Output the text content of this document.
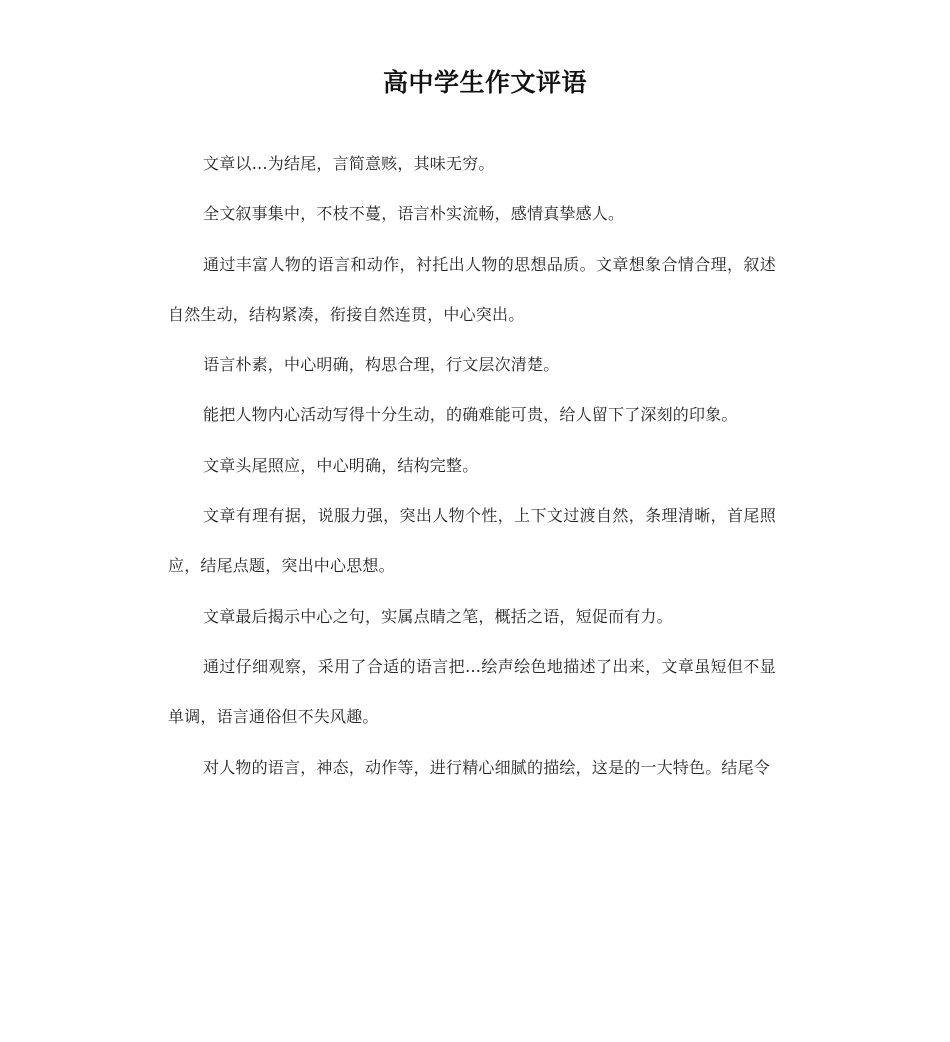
高中学生作文评语

文章以…为结尾，言简意赅，其味无穷。

全文叙事集中，不枝不蔓，语言朴实流畅，感情真挚感人。

通过丰富人物的语言和动作，衬托出人物的思想品质。文章想象合情合理，叙述自然生动，结构紧凑，衔接自然连贯，中心突出。

语言朴素，中心明确，构思合理，行文层次清楚。

能把人物内心活动写得十分生动，的确难能可贵，给人留下了深刻的印象。

文章头尾照应，中心明确，结构完整。

文章有理有据，说服力强，突出人物个性，上下文过渡自然，条理清晰，首尾照应，结尾点题，突出中心思想。

文章最后揭示中心之句，实属点睛之笔，概括之语，短促而有力。

通过仔细观察，采用了合适的语言把…绘声绘色地描述了出来，文章虽短但不显单调，语言通俗但不失风趣。

对人物的语言，神态，动作等，进行精心细腻的描绘，这是的一大特色。结尾令
